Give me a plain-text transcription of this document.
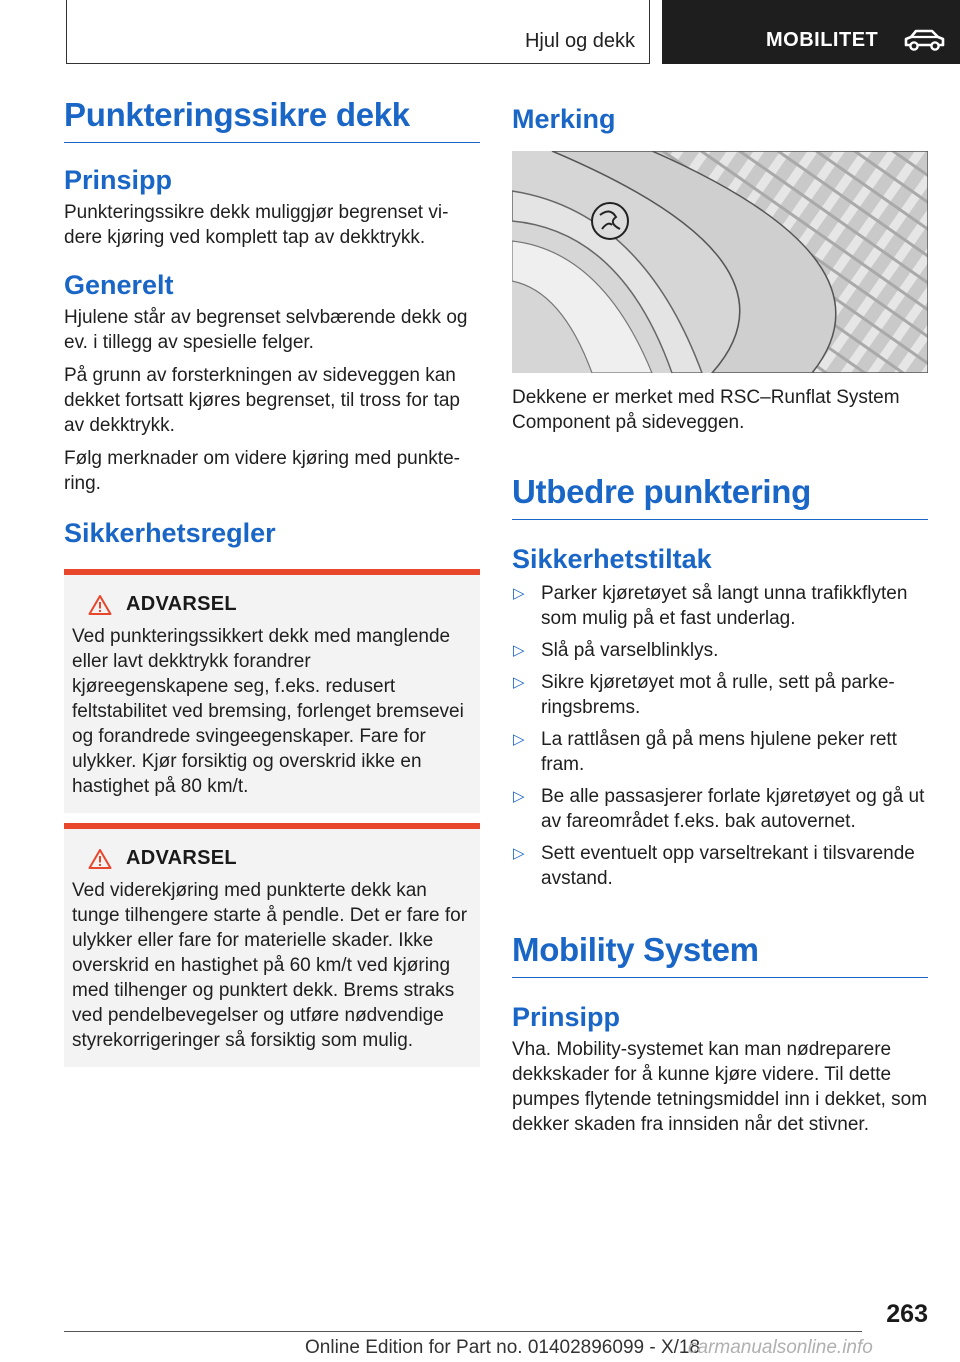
Hjul og dekk	MOBILITET
Punkteringssikre dekk
Prinsipp

Punkteringssikre dekk muliggjør begrenset videre kjøring ved komplett tap av dekktrykk.

Generelt

Hjulene står av begrenset selvbærende dekk og ev. i tillegg av spesielle felger.

På grunn av forsterkningen av sideveggen kan dekket fortsatt kjøres begrenset, til tross for tap av dekktrykk.

Følg merknader om videre kjøring med punktering.

Sikkerhetsregler
ADVARSEL
Ved punkteringssikkert dekk med manglende eller lavt dekktrykk forandrer kjøreegenskapene seg, f.eks. redusert feltstabilitet ved bremsing, forlenget bremsevei og forandrede svingeegenskaper. Fare for ulykker. Kjør forsiktig og overskrid ikke en hastighet på 80 km/t.
ADVARSEL
Ved viderekjøring med punkterte dekk kan tunge tilhengere starte å pendle. Det er fare for ulykker eller fare for materielle skader. Ikke overskrid en hastighet på 60 km/t ved kjøring med tilhenger og punktert dekk. Brems straks ved pendelbevegelser og utføre nødvendige styrekorrigeringer så forsiktig som mulig.
Merking

Dekkene er merket med RSC–Runflat System Component på sideveggen.

Utbedre punktering
Sikkerhetstiltak
▷ Parker kjøretøyet så langt unna trafikkflyten som mulig på et fast underlag.
▷ Slå på varselblinklys.
▷ Sikre kjøretøyet mot å rulle, sett på parkeringsbrems.
▷ La rattlåsen gå på mens hjulene peker rett fram.
▷ Be alle passasjerer forlate kjøretøyet og gå ut av fareområdet f.eks. bak autovernet.
▷ Sett eventuelt opp varseltrekant i tilsvarende avstand.
Mobility System
Prinsipp

Vha. Mobility-systemet kan man nødreparere dekkskader for å kunne kjøre videre. Til dette pumpes flytende tetningsmiddel inn i dekket, som dekker skaden fra innsiden når det stivner.

263
Online Edition for Part no. 01402896099 - X/18
carmanualsonline.info
